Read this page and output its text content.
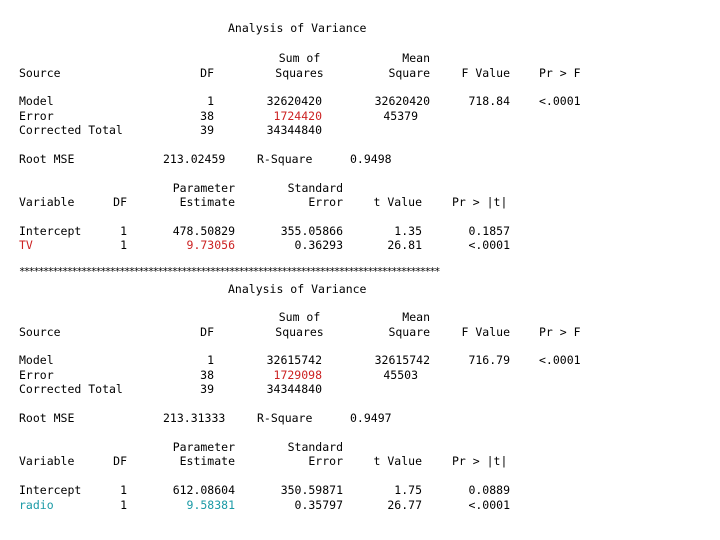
Analysis of Variance
Sum of	Mean
Source	DF	Squares	Square	F Value	Pr > F
Model	1	32620420	32620420	718.84	<.0001
Error	38	1724420	45379
Corrected Total	39	34344840
Root MSE	213.02459	R-Square	0.9498
Parameter	Standard
Variable	DF	Estimate	Error	t Value	Pr > |t|
Intercept	1	478.50829	355.05866	1.35	0.1857
TV	1	9.73056	0.36293	26.81	<.0001
****************************************************************************************
Analysis of Variance
Sum of	Mean
Source	DF	Squares	Square	F Value	Pr > F
Model	1	32615742	32615742	716.79	<.0001
Error	38	1729098	45503
Corrected Total	39	34344840
Root MSE	213.31333	R-Square	0.9497
Parameter	Standard
Variable	DF	Estimate	Error	t Value	Pr > |t|
Intercept	1	612.08604	350.59871	1.75	0.0889
radio	1	9.58381	0.35797	26.77	<.0001
